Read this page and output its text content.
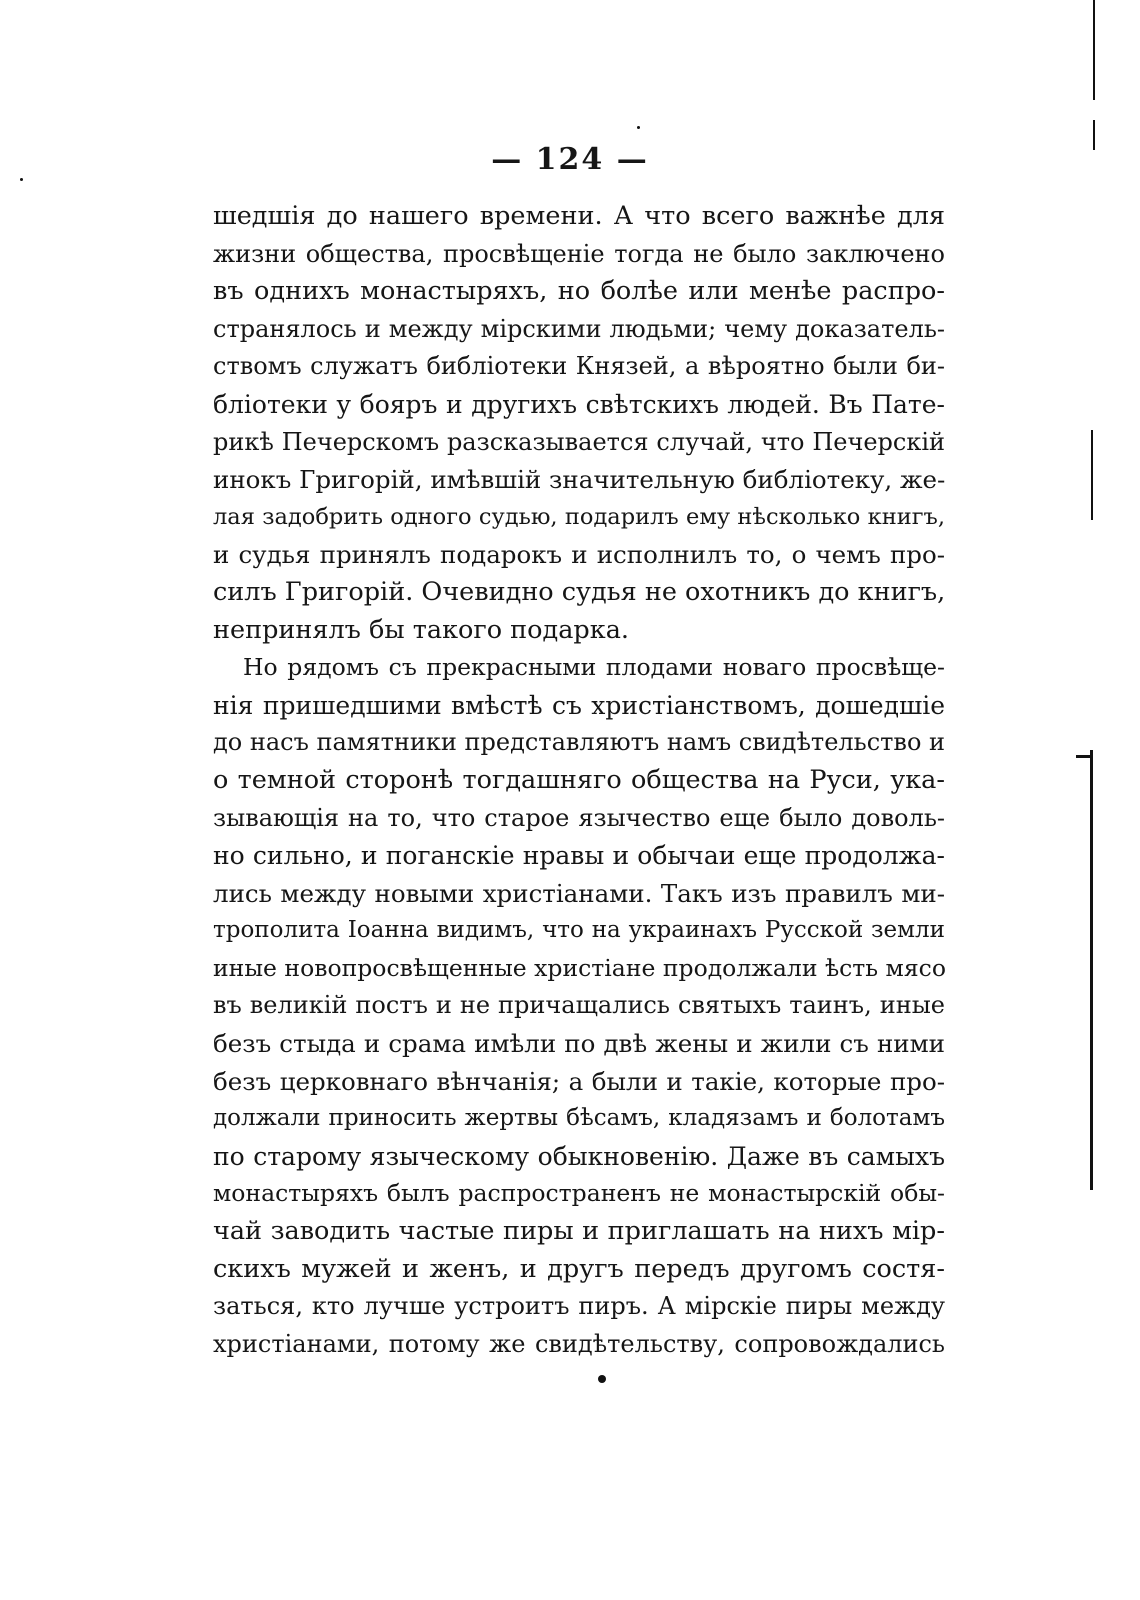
— 124 —
шедшія до нашего времени. А что всего важнѣе для
жизни общества, просвѣщеніе тогда не было заключено
въ однихъ монастыряхъ, но болѣе или менѣе распро-
странялось и между мірскими людьми; чему доказатель-
ствомъ служатъ библіотеки Князей, а вѣроятно были би-
бліотеки у бояръ и другихъ свѣтскихъ людей. Въ Пате-
рикѣ Печерскомъ разсказывается случай, что Печерскій
инокъ Григорій, имѣвшій значительную библіотеку, же-
лая задобрить одного судью, подарилъ ему нѣсколько книгъ,
и судья принялъ подарокъ и исполнилъ то, о чемъ про-
силъ Григорій. Очевидно судья не охотникъ до книгъ,
непринялъ бы такого подарка.
Но рядомъ съ прекрасными плодами новаго просвѣще-
нія пришедшими вмѣстѣ съ христіанствомъ, дошедшіе
до насъ памятники представляютъ намъ свидѣтельство и
о темной сторонѣ тогдашняго общества на Руси, ука-
зывающія на то, что старое язычество еще было доволь-
но сильно, и поганскіе нравы и обычаи еще продолжа-
лись между новыми христіанами. Такъ изъ правилъ ми-
трополита Іоанна видимъ, что на украинахъ Русской земли
иные новопросвѣщенные христіане продолжали ѣсть мясо
въ великій постъ и не причащались святыхъ таинъ, иные
безъ стыда и срама имѣли по двѣ жены и жили съ ними
безъ церковнаго вѣнчанія; а были и такіе, которые про-
должали приносить жертвы бѣсамъ, кладязамъ и болотамъ
по старому языческому обыкновенію. Даже въ самыхъ
монастыряхъ былъ распространенъ не монастырскій обы-
чай заводить частые пиры и приглашать на нихъ мір-
скихъ мужей и женъ, и другъ передъ другомъ состя-
заться, кто лучше устроитъ пиръ. А мірскіе пиры между
христіанами, потому же свидѣтельству, сопровождались
